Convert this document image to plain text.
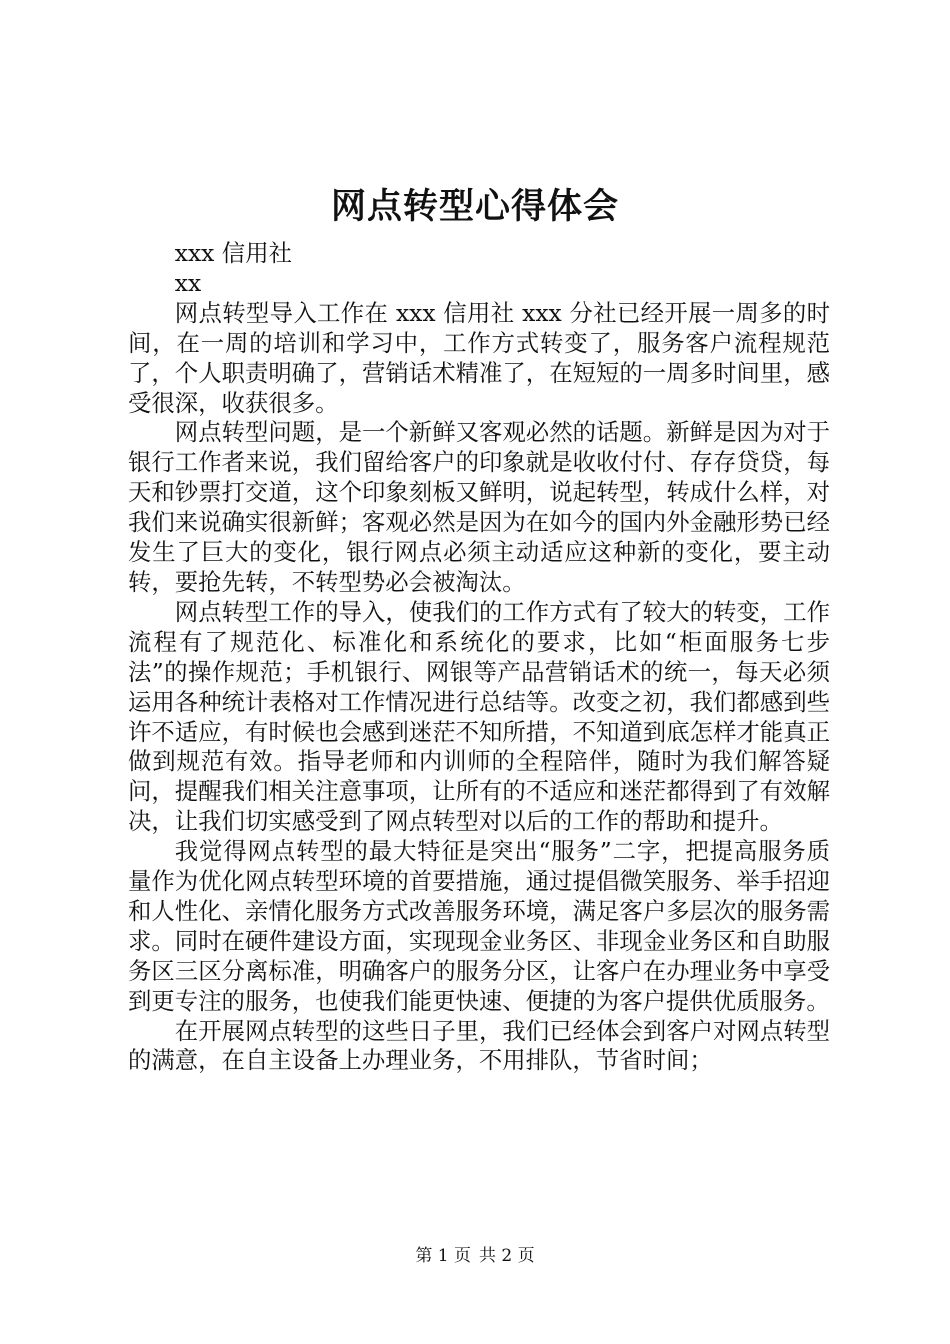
网点转型心得体会

xxx 信用社

xx

网点转型导入工作在 xxx 信用社 xxx 分社已经开展一周多的时间，在一周的培训和学习中，工作方式转变了，服务客户流程规范了，个人职责明确了，营销话术精准了，在短短的一周多时间里，感受很深，收获很多。

网点转型问题，是一个新鲜又客观必然的话题。新鲜是因为对于银行工作者来说，我们留给客户的印象就是收收付付、存存贷贷，每天和钞票打交道，这个印象刻板又鲜明，说起转型，转成什么样，对我们来说确实很新鲜；客观必然是因为在如今的国内外金融形势已经发生了巨大的变化，银行网点必须主动适应这种新的变化，要主动转，要抢先转，不转型势必会被淘汰。

网点转型工作的导入，使我们的工作方式有了较大的转变，工作流程有了规范化、标准化和系统化的要求，比如“柜面服务七步法”的操作规范；手机银行、网银等产品营销话术的统一，每天必须运用各种统计表格对工作情况进行总结等。改变之初，我们都感到些许不适应，有时候也会感到迷茫不知所措，不知道到底怎样才能真正做到规范有效。指导老师和内训师的全程陪伴，随时为我们解答疑问，提醒我们相关注意事项，让所有的不适应和迷茫都得到了有效解决，让我们切实感受到了网点转型对以后的工作的帮助和提升。

我觉得网点转型的最大特征是突出“服务”二字，把提高服务质量作为优化网点转型环境的首要措施，通过提倡微笑服务、举手招迎和人性化、亲情化服务方式改善服务环境，满足客户多层次的服务需求。同时在硬件建设方面，实现现金业务区、非现金业务区和自助服务区三区分离标准，明确客户的服务分区，让客户在办理业务中享受到更专注的服务，也使我们能更快速、便捷的为客户提供优质服务。

在开展网点转型的这些日子里，我们已经体会到客户对网点转型的满意，在自主设备上办理业务，不用排队，节省时间；

第 1 页 共 2 页
